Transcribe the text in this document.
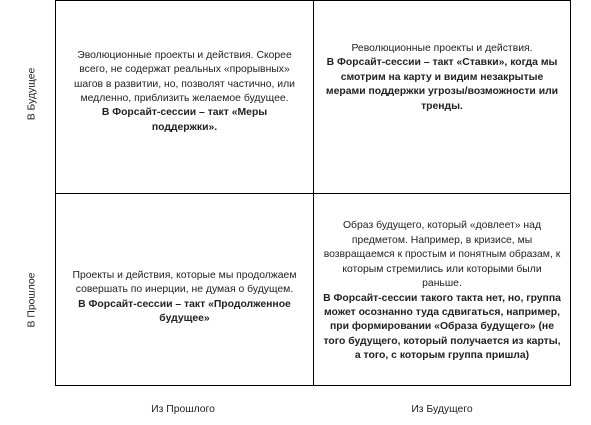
В Будущее
В Прошлое
Эволюционные проекты и действия. Скорее всего, не содержат реальных «прорывных» шагов в развитии, но, позволят частично, или медленно, приблизить желаемое будущее.
В Форсайт-сессии – такт «Меры поддержки».
Революционные проекты и действия.
В Форсайт-сессии – такт «Ставки», когда мы смотрим на карту и видим незакрытые мерами поддержки угрозы/возможности или тренды.
Проекты и действия, которые мы продолжаем совершать по инерции, не думая о будущем.
В Форсайт-сессии – такт «Продолженное будущее»
Образ будущего, который «довлеет» над предметом. Например, в кризисе, мы возвращаемся к простым и понятным образам, к которым стремились или которыми были раньше.
В Форсайт-сессии такого такта нет, но, группа может осознанно туда сдвигаться, например, при формировании «Образа будущего» (не того будущего, который получается из карты, а того, с которым группа пришла)
Из Прошлого	Из Будущего
